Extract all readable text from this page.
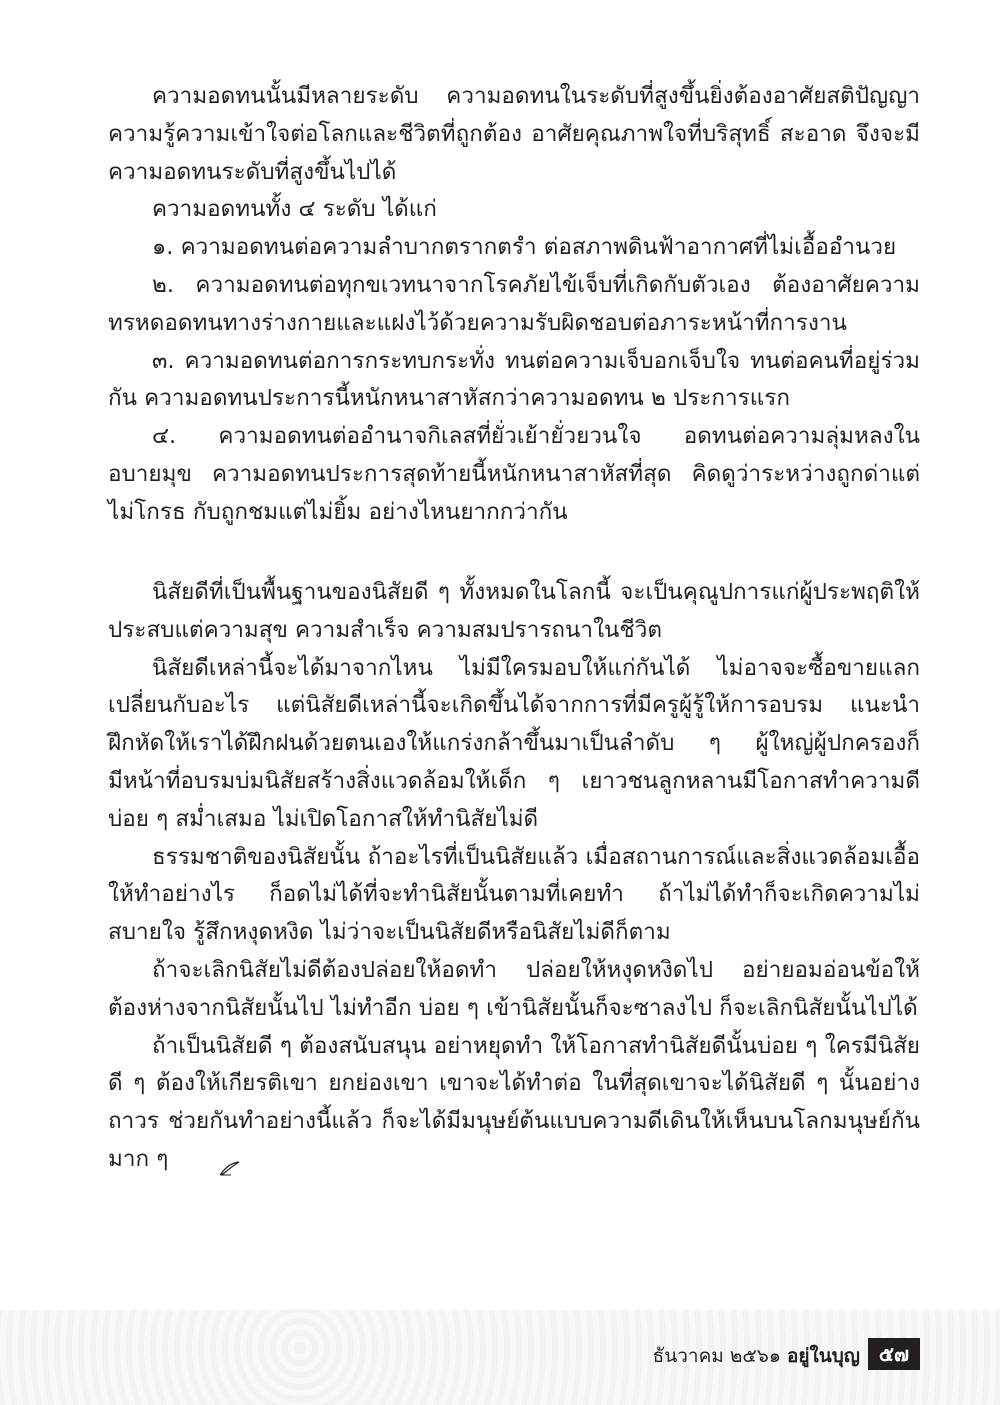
ความอดทนนั้นมีหลายระดับ ความอดทนในระดับที่สูงขึ้นยิ่งต้องอาศัยสติปัญญา ความรู้ความเข้าใจต่อโลกและชีวิตที่ถูกต้อง อาศัยคุณภาพใจที่บริสุทธิ์ สะอาด จึงจะมีความอดทนระดับที่สูงขึ้นไปได้

ความอดทนทั้ง ๔ ระดับ ได้แก่

๑. ความอดทนต่อความลำบากตรากตรำ ต่อสภาพดินฟ้าอากาศที่ไม่เอื้ออำนวย

๒. ความอดทนต่อทุกขเวทนาจากโรคภัยไข้เจ็บที่เกิดกับตัวเอง ต้องอาศัยความทรหดอดทนทางร่างกายและแฝงไว้ด้วยความรับผิดชอบต่อภาระหน้าที่การงาน

๓. ความอดทนต่อการกระทบกระทั่ง ทนต่อความเจ็บอกเจ็บใจ ทนต่อคนที่อยู่ร่วมกัน ความอดทนประการนี้หนักหนาสาหัสกว่าความอดทน ๒ ประการแรก

๔. ความอดทนต่ออำนาจกิเลสที่ยั่วเย้ายั่วยวนใจ อดทนต่อความลุ่มหลงในอบายมุข ความอดทนประการสุดท้ายนี้หนักหนาสาหัสที่สุด คิดดูว่าระหว่างถูกด่าแต่ไม่โกรธ กับถูกชมแต่ไม่ยิ้ม อย่างไหนยากกว่ากัน

นิสัยดีที่เป็นพื้นฐานของนิสัยดี ๆ ทั้งหมดในโลกนี้ จะเป็นคุณูปการแก่ผู้ประพฤติให้ประสบแต่ความสุข ความสำเร็จ ความสมปรารถนาในชีวิต

นิสัยดีเหล่านี้จะได้มาจากไหน ไม่มีใครมอบให้แก่กันได้ ไม่อาจจะซื้อขายแลกเปลี่ยนกับอะไร แต่นิสัยดีเหล่านี้จะเกิดขึ้นได้จากการที่มีครูผู้รู้ให้การอบรม แนะนำฝึกหัดให้เราได้ฝึกฝนด้วยตนเองให้แกร่งกล้าขึ้นมาเป็นลำดับ ๆ ผู้ใหญ่ผู้ปกครองก็มีหน้าที่อบรมบ่มนิสัยสร้างสิ่งแวดล้อมให้เด็ก ๆ เยาวชนลูกหลานมีโอกาสทำความดีบ่อย ๆ สม่ำเสมอ ไม่เปิดโอกาสให้ทำนิสัยไม่ดี

ธรรมชาติของนิสัยนั้น ถ้าอะไรที่เป็นนิสัยแล้ว เมื่อสถานการณ์และสิ่งแวดล้อมเอื้อให้ทำอย่างไร ก็อดไม่ได้ที่จะทำนิสัยนั้นตามที่เคยทำ ถ้าไม่ได้ทำก็จะเกิดความไม่สบายใจ รู้สึกหงุดหงิด ไม่ว่าจะเป็นนิสัยดีหรือนิสัยไม่ดีก็ตาม

ถ้าจะเลิกนิสัยไม่ดีต้องปล่อยให้อดทำ ปล่อยให้หงุดหงิดไป อย่ายอมอ่อนข้อให้ ต้องห่างจากนิสัยนั้นไป ไม่ทำอีก บ่อย ๆ เข้านิสัยนั้นก็จะซาลงไป ก็จะเลิกนิสัยนั้นไปได้

ถ้าเป็นนิสัยดี ๆ ต้องสนับสนุน อย่าหยุดทำ ให้โอกาสทำนิสัยดีนั้นบ่อย ๆ ใครมีนิสัยดี ๆ ต้องให้เกียรติเขา ยกย่องเขา เขาจะได้ทำต่อ ในที่สุดเขาจะได้นิสัยดี ๆ นั้นอย่างถาวร ช่วยกันทำอย่างนี้แล้ว ก็จะได้มีมนุษย์ต้นแบบความดีเดินให้เห็นบนโลกมนุษย์กันมาก ๆ

ธันวาคม ๒๕๖๑ อยู่ในบุญ ๕๗
